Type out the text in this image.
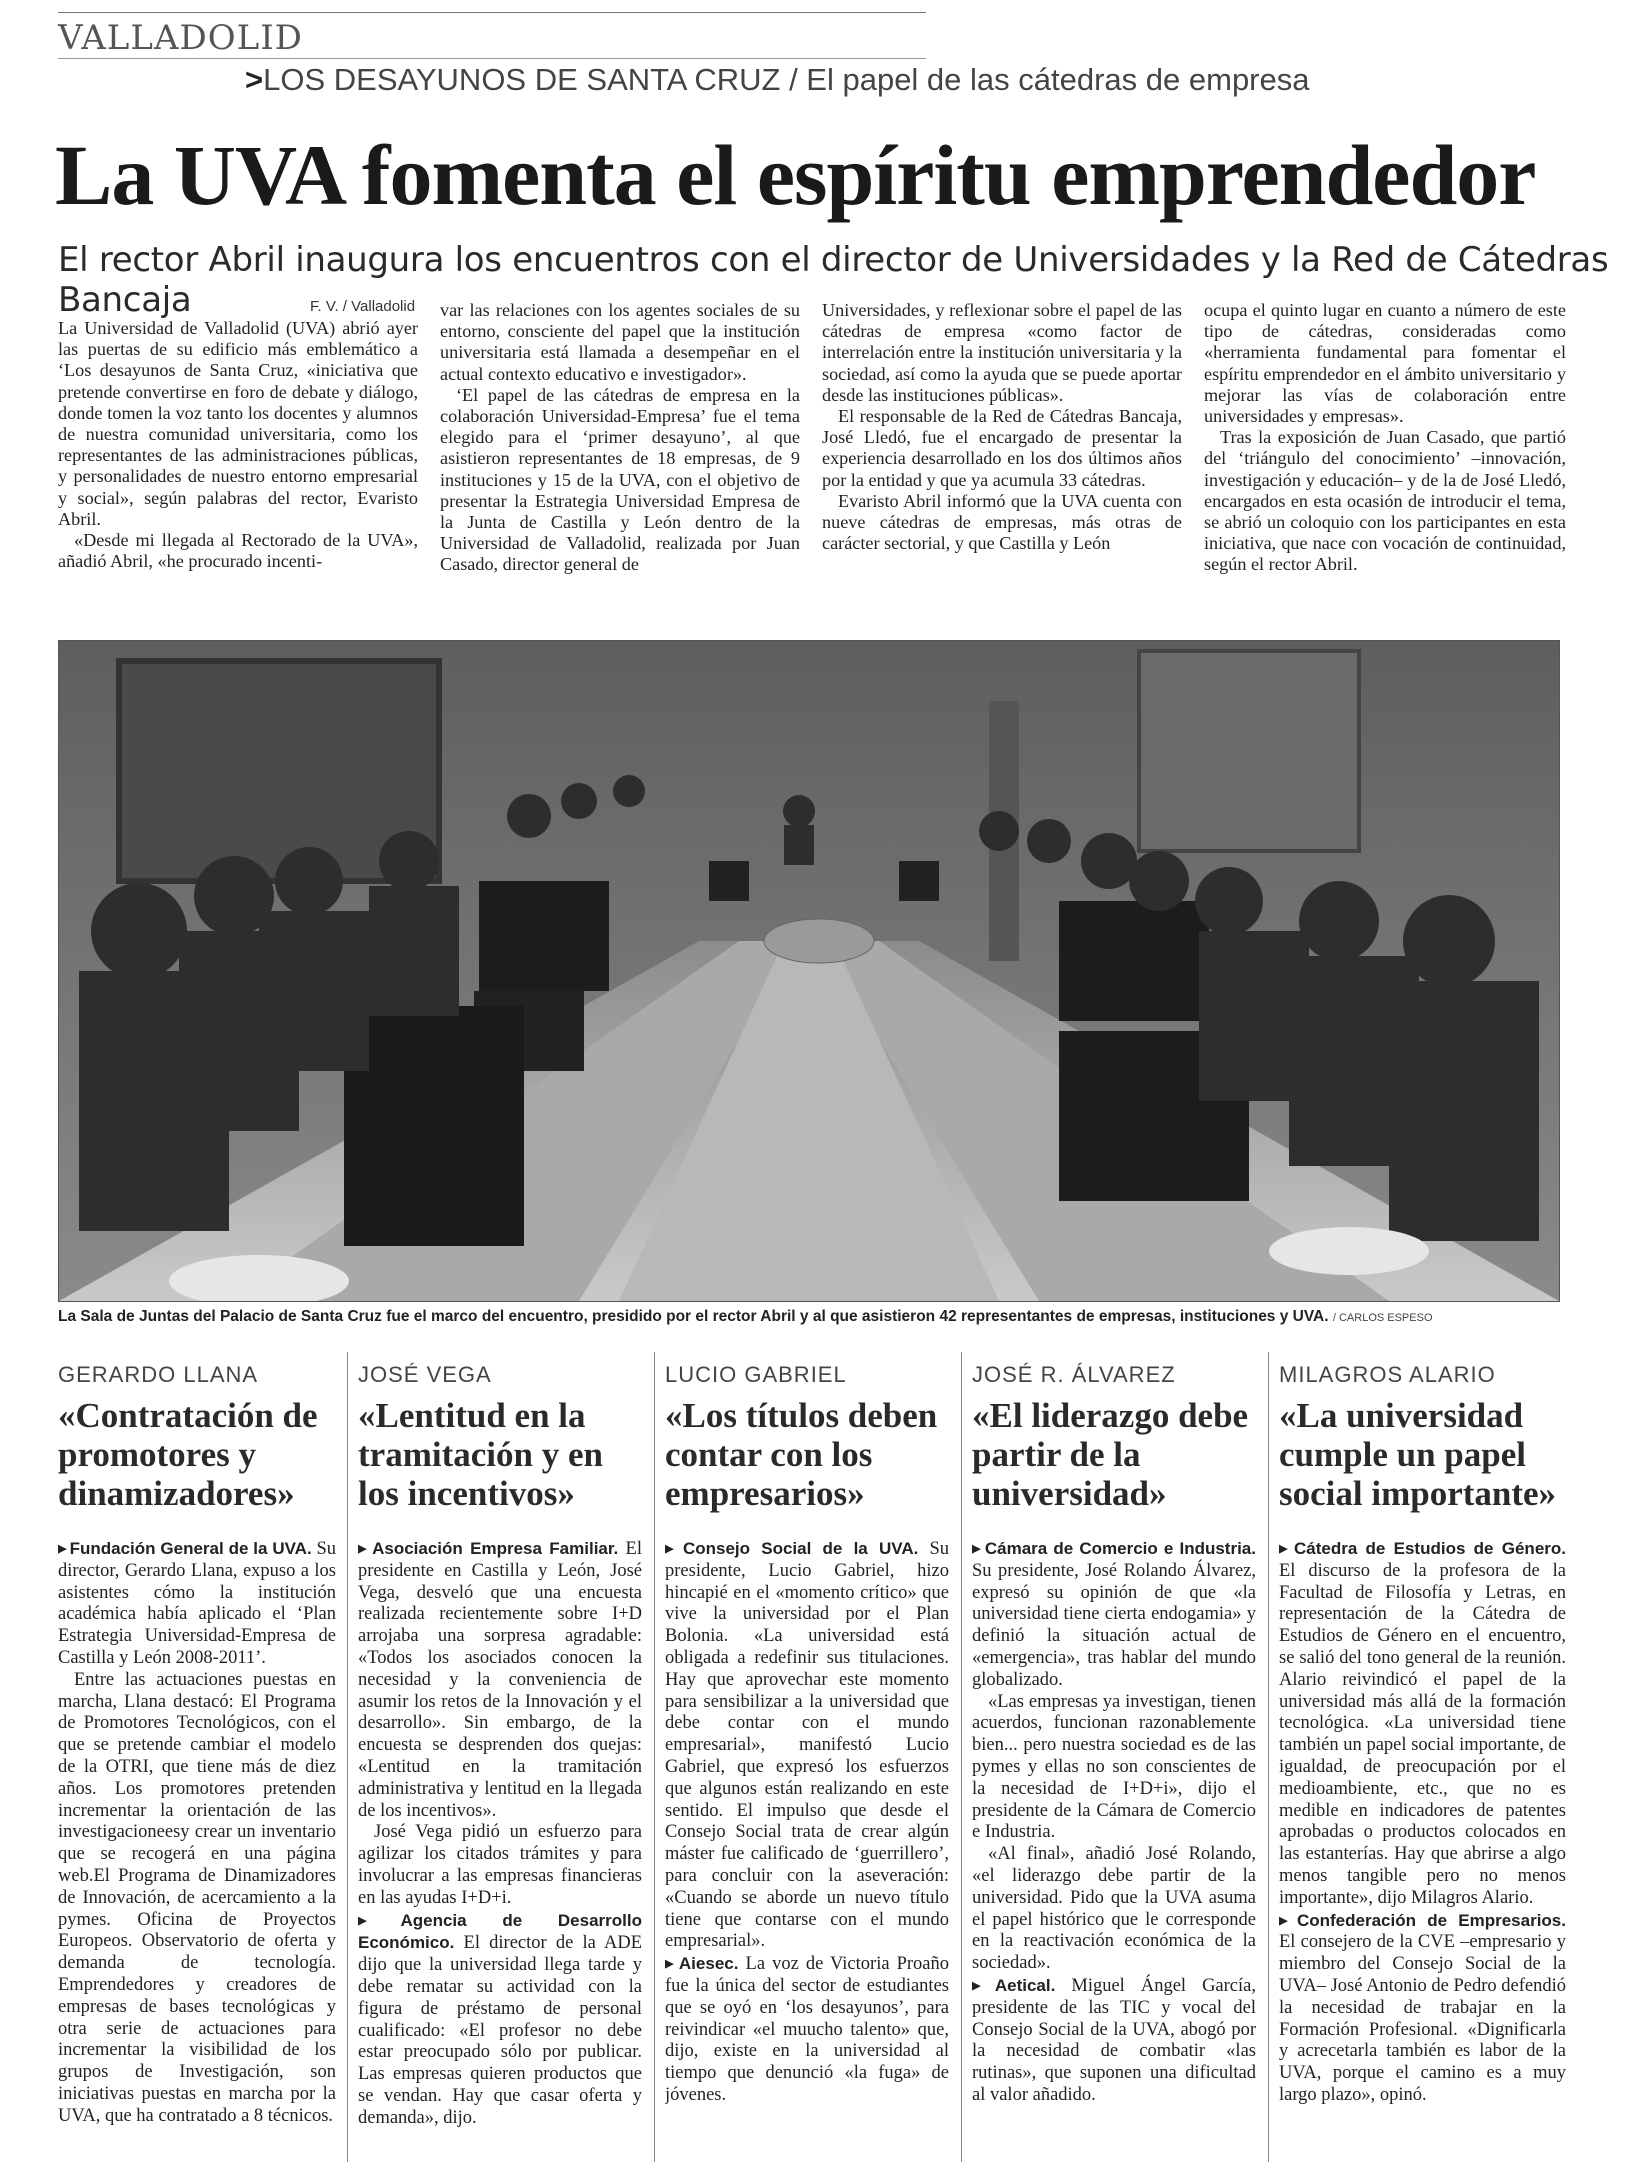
VALLADOLID
>LOS DESAYUNOS DE SANTA CRUZ / El papel de las cátedras de empresa
La UVA fomenta el espíritu emprendedor
El rector Abril inaugura los encuentros con el director de Universidades y la Red de Cátedras Bancaja	F. V. / Valladolid

La Universidad de Valladolid (UVA) abrió ayer las puertas de su edificio más emblemático a ‘Los desayunos de Santa Cruz, «iniciativa que pretende convertirse en foro de debate y diálogo, donde tomen la voz tanto los docentes y alumnos de nuestra comunidad universitaria, como los representantes de las administraciones públicas, y personalidades de nuestro entorno empresarial y social», según palabras del rector, Evaristo Abril.

«Desde mi llegada al Rectorado de la UVA», añadió Abril, «he procurado incenti-

var las relaciones con los agentes sociales de su entorno, consciente del papel que la institución universitaria está llamada a desempeñar en el actual contexto educativo e investigador».

‘El papel de las cátedras de empresa en la colaboración Universidad-Empresa’ fue el tema elegido para el ‘primer desayuno’, al que asistieron representantes de 18 empresas, de 9 instituciones y 15 de la UVA, con el objetivo de presentar la Estrategia Universidad Empresa de la Junta de Castilla y León dentro de la Universidad de Valladolid, realizada por Juan Casado, director general de

Universidades, y reflexionar sobre el papel de las cátedras de empresa «como factor de interrelación entre la institución universitaria y la sociedad, así como la ayuda que se puede aportar desde las instituciones públicas».

El responsable de la Red de Cátedras Bancaja, José Lledó, fue el encargado de presentar la experiencia desarrollado en los dos últimos años por la entidad y que ya acumula 33 cátedras.

Evaristo Abril informó que la UVA cuenta con nueve cátedras de empresas, más otras de carácter sectorial, y que Castilla y León

ocupa el quinto lugar en cuanto a número de este tipo de cátedras, consideradas como «herramienta fundamental para fomentar el espíritu emprendedor en el ámbito universitario y mejorar las vías de colaboración entre universidades y empresas».

Tras la exposición de Juan Casado, que partió del ‘triángulo del conocimiento’ –innovación, investigación y educación– y de la de José Lledó, encargados en esta ocasión de introducir el tema, se abrió un coloquio con los participantes en esta iniciativa, que nace con vocación de continuidad, según el rector Abril.

La Sala de Juntas del Palacio de Santa Cruz fue el marco del encuentro, presidido por el rector Abril y al que asistieron 42 representantes de empresas, instituciones y UVA. / CARLOS ESPESO
GERARDO LLANA
«Contratación de promotores y dinamizadores»

▶ Fundación General de la UVA. Su director, Gerardo Llana, expuso a los asistentes cómo la institución académica había aplicado el ‘Plan Estrategia Universidad-Empresa de Castilla y León 2008-2011’.

Entre las actuaciones puestas en marcha, Llana destacó: El Programa de Promotores Tecnológicos, con el que se pretende cambiar el modelo de la OTRI, que tiene más de diez años. Los promotores pretenden incrementar la orientación de las investigacioneesy crear un inventario que se recogerá en una página web.El Programa de Dinamizadores de Innovación, de acercamiento a la pymes. Oficina de Proyectos Europeos. Observatorio de oferta y demanda de tecnología. Emprendedores y creadores de empresas de bases tecnológicas y otra serie de actuaciones para incrementar la visibilidad de los grupos de Investigación, son iniciativas puestas en marcha por la UVA, que ha contratado a 8 técnicos.

JOSÉ VEGA
«Lentitud en la tramitación y en los incentivos»

▶ Asociación Empresa Familiar. El presidente en Castilla y León, José Vega, desveló que una encuesta realizada recientemente sobre I+D arrojaba una sorpresa agradable: «Todos los asociados conocen la necesidad y la conveniencia de asumir los retos de la Innovación y el desarrollo». Sin embargo, de la encuesta se desprenden dos quejas: «Lentitud en la tramitación administrativa y lentitud en la llegada de los incentivos».

José Vega pidió un esfuerzo para agilizar los citados trámites y para involucrar a las empresas financieras en las ayudas I+D+i.

▶ Agencia de Desarrollo Económico. El director de la ADE dijo que la universidad llega tarde y debe rematar su actividad con la figura de préstamo de personal cualificado: «El profesor no debe estar preocupado sólo por publicar. Las empresas quieren productos que se vendan. Hay que casar oferta y demanda», dijo.

LUCIO GABRIEL
«Los títulos deben contar con los empresarios»

▶ Consejo Social de la UVA. Su presidente, Lucio Gabriel, hizo hincapié en el «momento crítico» que vive la universidad por el Plan Bolonia. «La universidad está obligada a redefinir sus titulaciones. Hay que aprovechar este momento para sensibilizar a la universidad que debe contar con el mundo empresarial», manifestó Lucio Gabriel, que expresó los esfuerzos que algunos están realizando en este sentido. El impulso que desde el Consejo Social trata de crear algún máster fue calificado de ‘guerrillero’, para concluir con la aseveración: «Cuando se aborde un nuevo título tiene que contarse con el mundo empresarial».

▶ Aiesec. La voz de Victoria Proaño fue la única del sector de estudiantes que se oyó en ‘los desayunos’, para reivindicar «el muucho talento» que, dijo, existe en la universidad al tiempo que denunció «la fuga» de jóvenes.

JOSÉ R. ÁLVAREZ
«El liderazgo debe partir de la universidad»

▶ Cámara de Comercio e Industria. Su presidente, José Rolando Álvarez, expresó su opinión de que «la universidad tiene cierta endogamia» y definió la situación actual de «emergencia», tras hablar del mundo globalizado.

«Las empresas ya investigan, tienen acuerdos, funcionan razonablemente bien... pero nuestra sociedad es de las pymes y ellas no son conscientes de la necesidad de I+D+i», dijo el presidente de la Cámara de Comercio e Industria.

«Al final», añadió José Rolando, «el liderazgo debe partir de la universidad. Pido que la UVA asuma el papel histórico que le corresponde en la reactivación económica de la sociedad».

▶ Aetical. Miguel Ángel García, presidente de las TIC y vocal del Consejo Social de la UVA, abogó por la necesidad de combatir «las rutinas», que suponen una dificultad al valor añadido.

MILAGROS ALARIO
«La universidad cumple un papel social importante»

▶ Cátedra de Estudios de Género. El discurso de la profesora de la Facultad de Filosofía y Letras, en representación de la Cátedra de Estudios de Género en el encuentro, se salió del tono general de la reunión. Alario reivindicó el papel de la universidad más allá de la formación tecnológica. «La universidad tiene también un papel social importante, de igualdad, de preocupación por el medioambiente, etc., que no es medible en indicadores de patentes aprobadas o productos colocados en las estanterías. Hay que abrirse a algo menos tangible pero no menos importante», dijo Milagros Alario.

▶ Confederación de Empresarios. El consejero de la CVE –empresario y miembro del Consejo Social de la UVA– José Antonio de Pedro defendió la necesidad de trabajar en la Formación Profesional. «Dignificarla y acrecetarla también es labor de la UVA, porque el camino es a muy largo plazo», opinó.
